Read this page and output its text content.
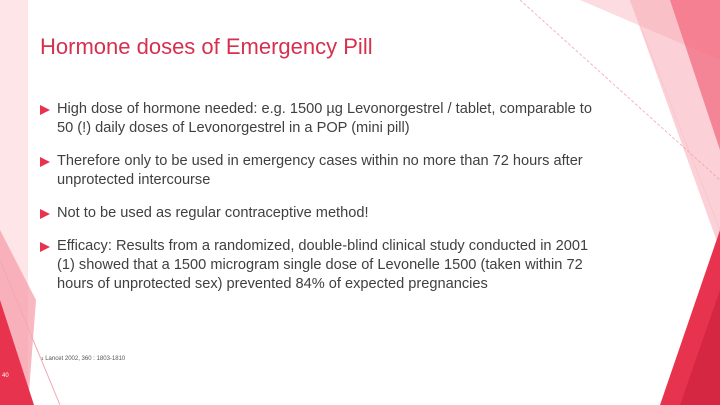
Hormone doses of Emergency Pill
High dose of hormone needed: e.g. 1500 µg Levonorgestrel / tablet, comparable to 50 (!) daily doses of Levonorgestrel in a POP (mini pill)
Therefore only to be used in emergency cases within no more than 72 hours after unprotected intercourse
Not to be used as regular contraceptive method!
Efficacy: Results from a randomized, double-blind clinical study conducted in 2001 (1) showed that a 1500 microgram single dose of Levonelle 1500 (taken within 72 hours of unprotected sex) prevented 84% of expected pregnancies
$^1$ Lancet 2002, 360 : 1803-1810
40
